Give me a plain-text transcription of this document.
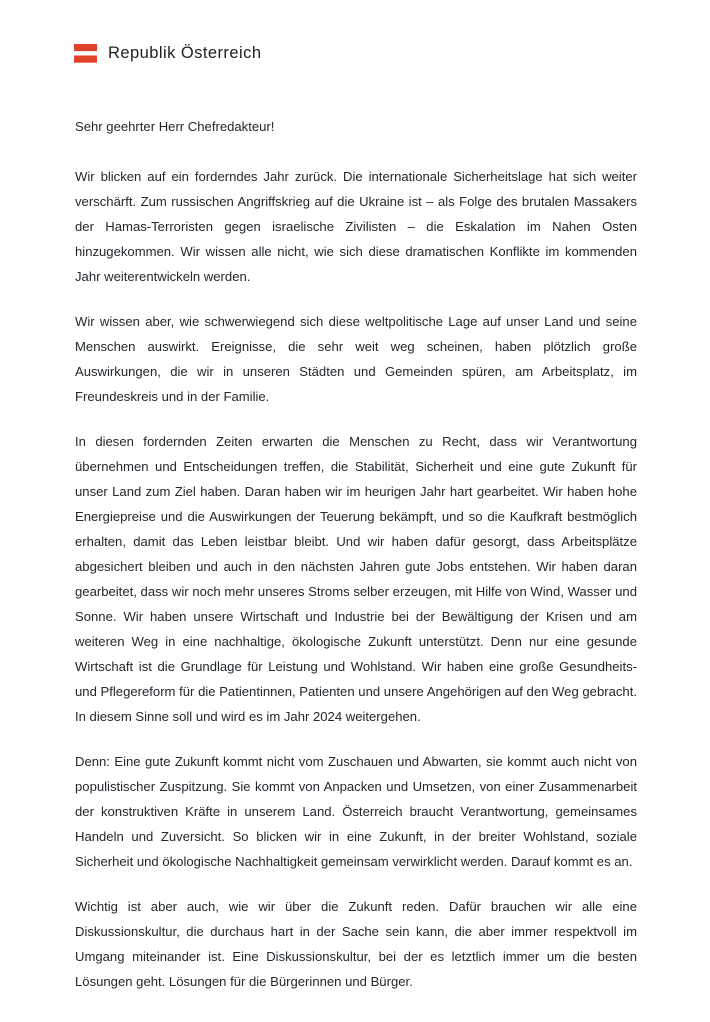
Republik Österreich

Sehr geehrter Herr Chefredakteur!

Wir blicken auf ein forderndes Jahr zurück. Die internationale Sicherheitslage hat sich weiter verschärft. Zum russischen Angriffskrieg auf die Ukraine ist – als Folge des brutalen Massakers der Hamas-Terroristen gegen israelische Zivilisten – die Eskalation im Nahen Osten hinzugekommen. Wir wissen alle nicht, wie sich diese dramatischen Konflikte im kommenden Jahr weiterentwickeln werden.

Wir wissen aber, wie schwerwiegend sich diese weltpolitische Lage auf unser Land und seine Menschen auswirkt. Ereignisse, die sehr weit weg scheinen, haben plötzlich große Auswirkungen, die wir in unseren Städten und Gemeinden spüren, am Arbeitsplatz, im Freundeskreis und in der Familie.

In diesen fordernden Zeiten erwarten die Menschen zu Recht, dass wir Verantwortung übernehmen und Entscheidungen treffen, die Stabilität, Sicherheit und eine gute Zukunft für unser Land zum Ziel haben. Daran haben wir im heurigen Jahr hart gearbeitet. Wir haben hohe Energiepreise und die Auswirkungen der Teuerung bekämpft, und so die Kaufkraft bestmöglich erhalten, damit das Leben leistbar bleibt. Und wir haben dafür gesorgt, dass Arbeitsplätze abgesichert bleiben und auch in den nächsten Jahren gute Jobs entstehen. Wir haben daran gearbeitet, dass wir noch mehr unseres Stroms selber erzeugen, mit Hilfe von Wind, Wasser und Sonne. Wir haben unsere Wirtschaft und Industrie bei der Bewältigung der Krisen und am weiteren Weg in eine nachhaltige, ökologische Zukunft unterstützt. Denn nur eine gesunde Wirtschaft ist die Grundlage für Leistung und Wohlstand. Wir haben eine große Gesundheits- und Pflegereform für die Patientinnen, Patienten und unsere Angehörigen auf den Weg gebracht. In diesem Sinne soll und wird es im Jahr 2024 weitergehen.

Denn: Eine gute Zukunft kommt nicht vom Zuschauen und Abwarten, sie kommt auch nicht von populistischer Zuspitzung. Sie kommt von Anpacken und Umsetzen, von einer Zusammenarbeit der konstruktiven Kräfte in unserem Land. Österreich braucht Verantwortung, gemeinsames Handeln und Zuversicht. So blicken wir in eine Zukunft, in der breiter Wohlstand, soziale Sicherheit und ökologische Nachhaltigkeit gemeinsam verwirklicht werden. Darauf kommt es an.

Wichtig ist aber auch, wie wir über die Zukunft reden. Dafür brauchen wir alle eine Diskussionskultur, die durchaus hart in der Sache sein kann, die aber immer respektvoll im Umgang miteinander ist. Eine Diskussionskultur, bei der es letztlich immer um die besten Lösungen geht. Lösungen für die Bürgerinnen und Bürger.
